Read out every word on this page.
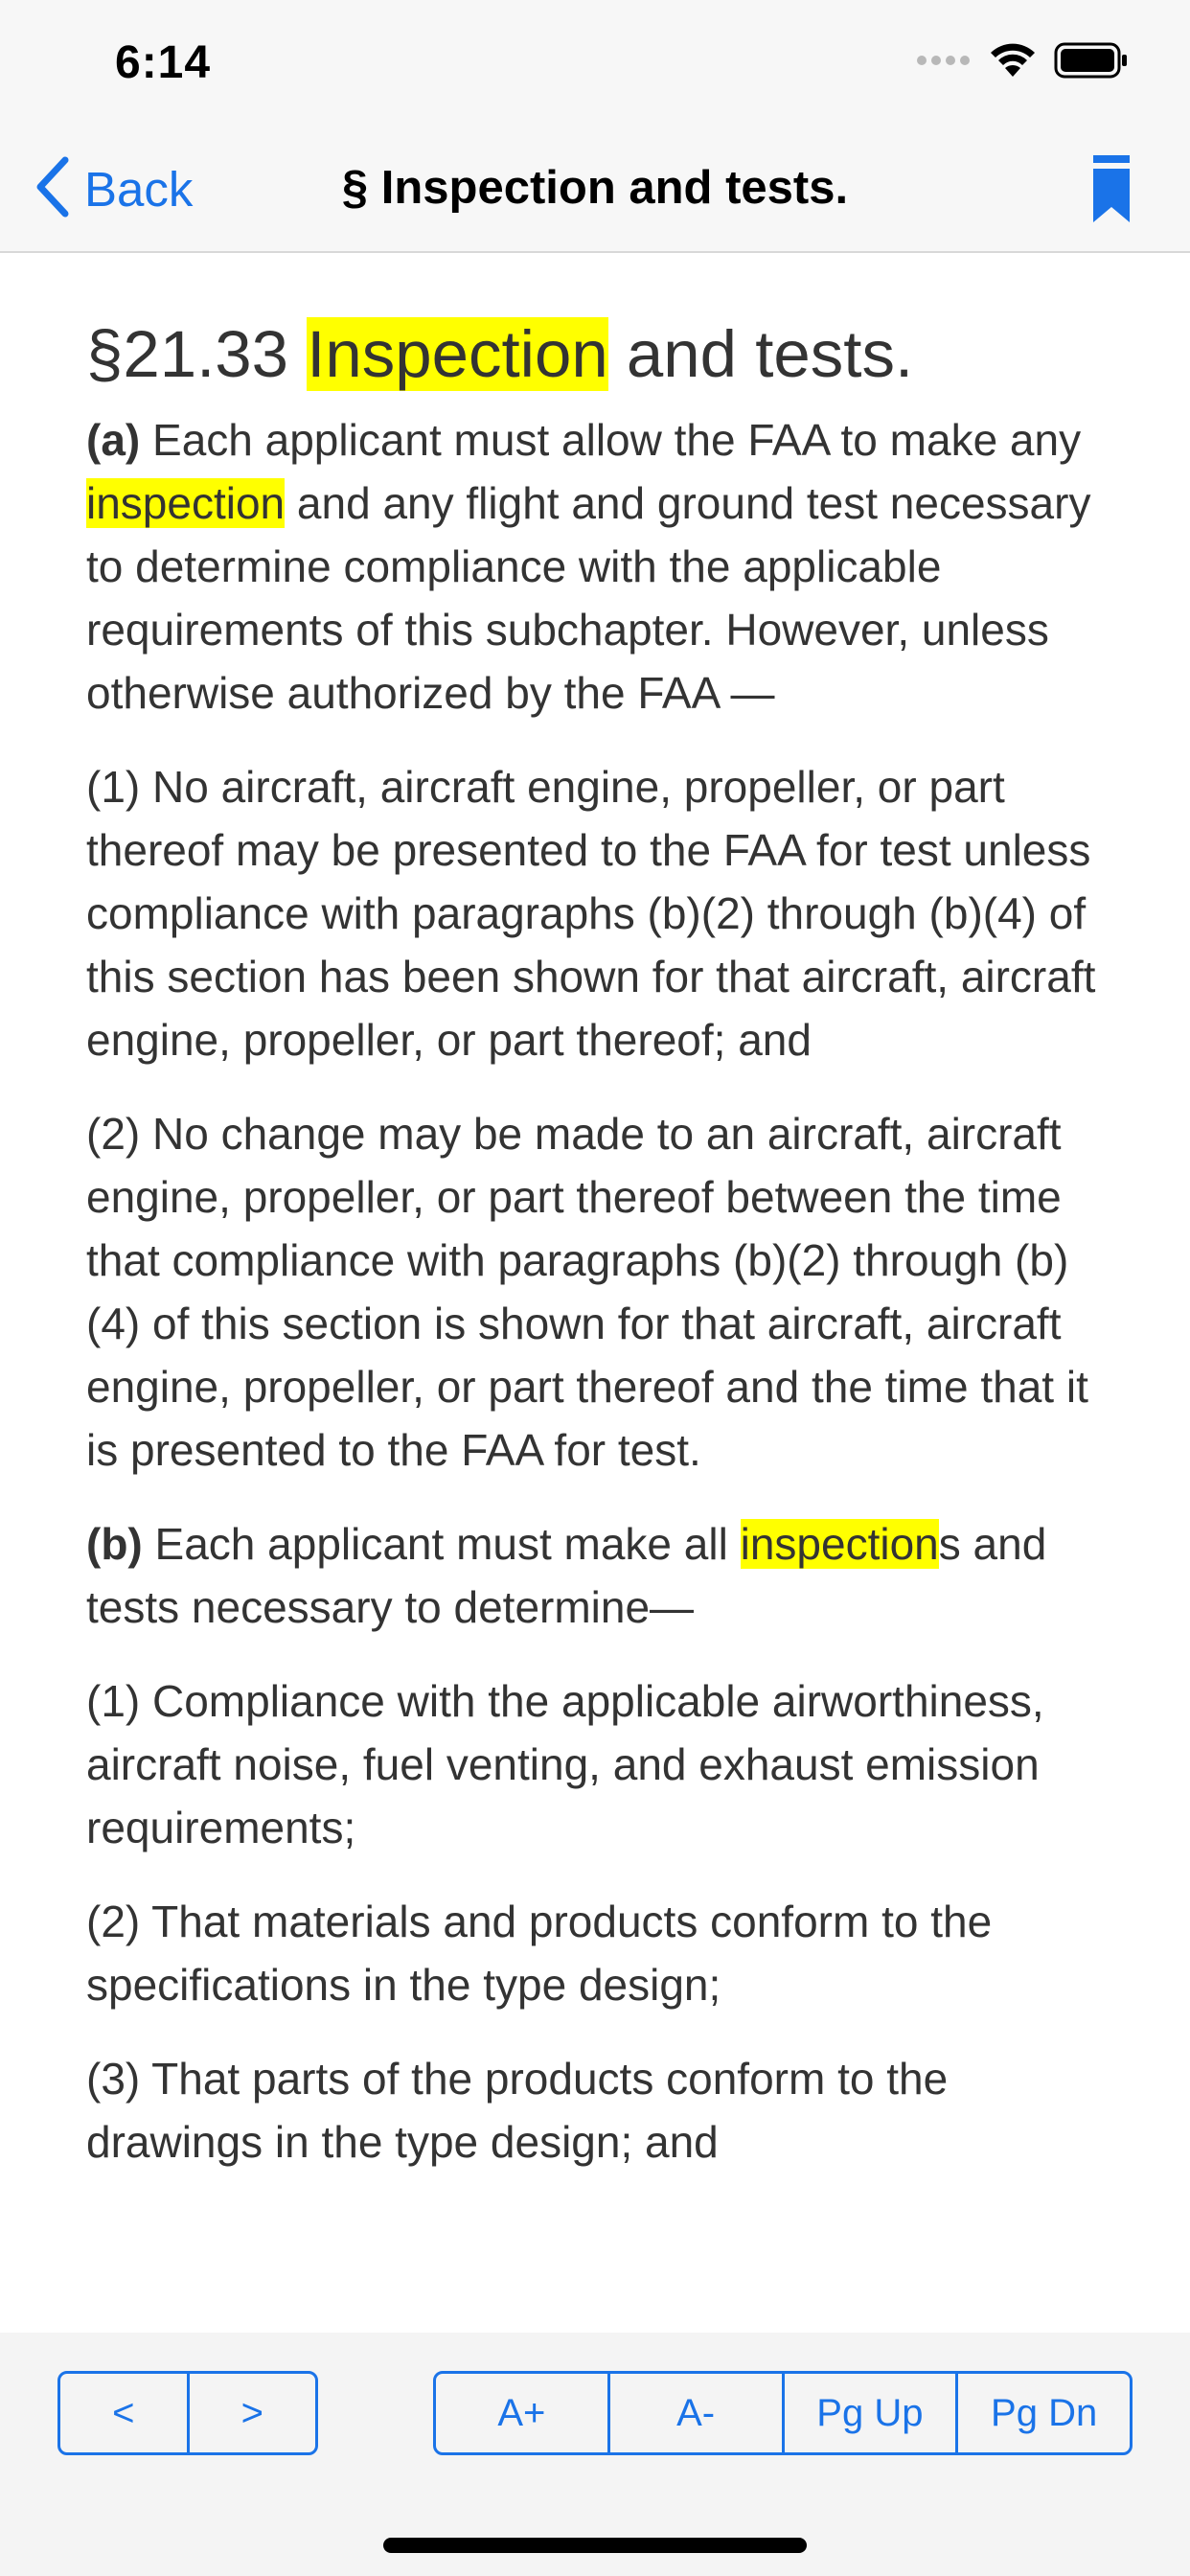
6:14
Back	§ Inspection and tests.
§21.33 Inspection and tests.

(a) Each applicant must allow the FAA to make any inspection and any flight and ground test necessary to determine compliance with the applicable requirements of this subchapter. However, unless otherwise authorized by the FAA —

(1) No aircraft, aircraft engine, propeller, or part thereof may be presented to the FAA for test unless compliance with paragraphs (b)(2) through (b)(4) of this section has been shown for that aircraft, aircraft engine, propeller, or part thereof; and

(2) No change may be made to an aircraft, aircraft engine, propeller, or part thereof between the time that compliance with paragraphs (b)(2) through (b)(4) of this section is shown for that aircraft, aircraft engine, propeller, or part thereof and the time that it is presented to the FAA for test.

(b) Each applicant must make all inspections and tests necessary to determine—

(1) Compliance with the applicable airworthiness, aircraft noise, fuel venting, and exhaust emission requirements;

(2) That materials and products conform to the specifications in the type design;

(3) That parts of the products conform to the drawings in the type design; and

<	>	A+	A-	Pg Up	Pg Dn
